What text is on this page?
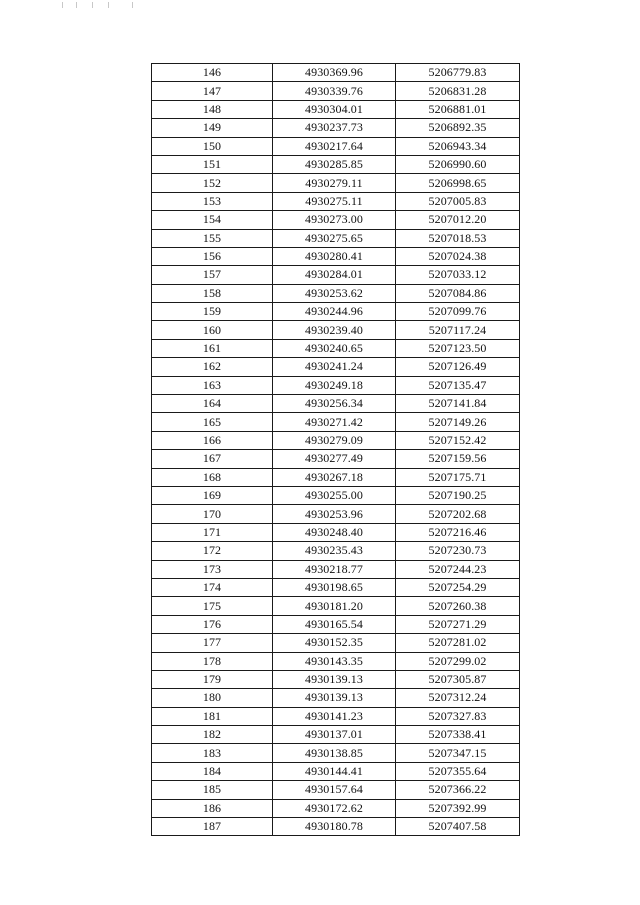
146	4930369.96	5206779.83
147	4930339.76	5206831.28
148	4930304.01	5206881.01
149	4930237.73	5206892.35
150	4930217.64	5206943.34
151	4930285.85	5206990.60
152	4930279.11	5206998.65
153	4930275.11	5207005.83
154	4930273.00	5207012.20
155	4930275.65	5207018.53
156	4930280.41	5207024.38
157	4930284.01	5207033.12
158	4930253.62	5207084.86
159	4930244.96	5207099.76
160	4930239.40	5207117.24
161	4930240.65	5207123.50
162	4930241.24	5207126.49
163	4930249.18	5207135.47
164	4930256.34	5207141.84
165	4930271.42	5207149.26
166	4930279.09	5207152.42
167	4930277.49	5207159.56
168	4930267.18	5207175.71
169	4930255.00	5207190.25
170	4930253.96	5207202.68
171	4930248.40	5207216.46
172	4930235.43	5207230.73
173	4930218.77	5207244.23
174	4930198.65	5207254.29
175	4930181.20	5207260.38
176	4930165.54	5207271.29
177	4930152.35	5207281.02
178	4930143.35	5207299.02
179	4930139.13	5207305.87
180	4930139.13	5207312.24
181	4930141.23	5207327.83
182	4930137.01	5207338.41
183	4930138.85	5207347.15
184	4930144.41	5207355.64
185	4930157.64	5207366.22
186	4930172.62	5207392.99
187	4930180.78	5207407.58
